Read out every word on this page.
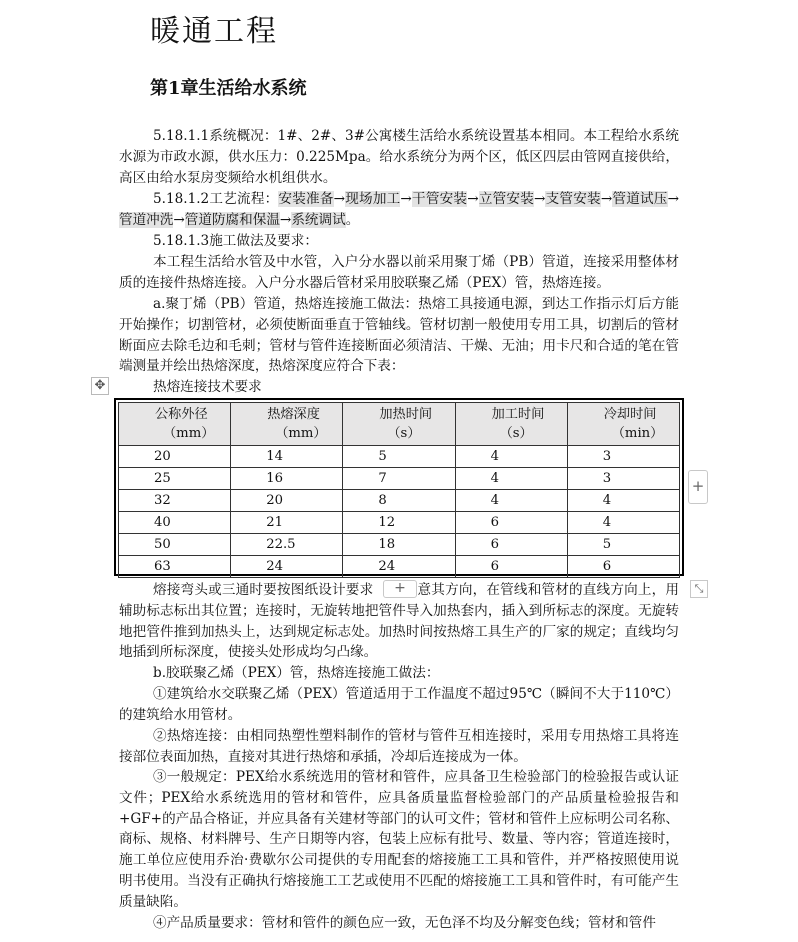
暖通工程
第1章生活给水系统

5.18.1.1系统概况：1#、2#、3#公寓楼生活给水系统设置基本相同。本工程给水系统水源为市政水源，供水压力：0.225Mpa。给水系统分为两个区，低区四层由管网直接供给，高区由给水泵房变频给水机组供水。

5.18.1.2工艺流程：安装准备→现场加工→干管安装→立管安装→支管安装→管道试压→管道冲洗→管道防腐和保温→系统调试。

5.18.1.3施工做法及要求：

本工程生活给水管及中水管，入户分水器以前采用聚丁烯（PB）管道，连接采用整体材质的连接件热熔连接。入户分水器后管材采用胶联聚乙烯（PEX）管，热熔连接。

a.聚丁烯（PB）管道，热熔连接施工做法：热熔工具接通电源，到达工作指示灯后方能开始操作；切割管材，必须使断面垂直于管轴线。管材切割一般使用专用工具，切割后的管材断面应去除毛边和毛刺；管材与管件连接断面必须清洁、干燥、无油；用卡尺和合适的笔在管端测量并绘出热熔深度，热熔深度应符合下表：

✥	热熔连接技术要求

公称外径
（mm）	热熔深度
（mm）	加热时间
（s）	加工时间
（s）	冷却时间
（min）

20	14	5	4	3
25	16	7	4	3
32	20	8	4	4
40	21	12	6	4
50	22.5	18	6	5
63	24	24	6	6
+

熔接弯头或三通时要按图纸设计要求	意其方向，在管线和管材的直线方向上，用辅助标志标出其位置；连接时，无旋转地把管件导入加热套内，插入到所标志的深度。无旋转地把管件推到加热头上，达到规定标志处。加热时间按热熔工具生产的厂家的规定；直线均匀地插到所标深度，使接头处形成均匀凸缘。

+	⤡

b.胶联聚乙烯（PEX）管，热熔连接施工做法：

①建筑给水交联聚乙烯（PEX）管道适用于工作温度不超过95℃（瞬间不大于110℃）的建筑给水用管材。

②热熔连接：由相同热塑性塑料制作的管材与管件互相连接时，采用专用热熔工具将连接部位表面加热，直接对其进行热熔和承插，冷却后连接成为一体。

③一般规定：PEX给水系统选用的管材和管件，应具备卫生检验部门的检验报告或认证文件；PEX给水系统选用的管材和管件，应具备质量监督检验部门的产品质量检验报告和+GF+的产品合格证，并应具备有关建材等部门的认可文件；管材和管件上应标明公司名称、商标、规格、材料牌号、生产日期等内容，包装上应标有批号、数量、等内容；管道连接时，施工单位应使用乔治·费歇尔公司提供的专用配套的熔接施工工具和管件，并严格按照使用说明书使用。当没有正确执行熔接施工工艺或使用不匹配的熔接施工工具和管件时，有可能产生质量缺陷。

④产品质量要求：管材和管件的颜色应一致，无色泽不均及分解变色线；管材和管件
